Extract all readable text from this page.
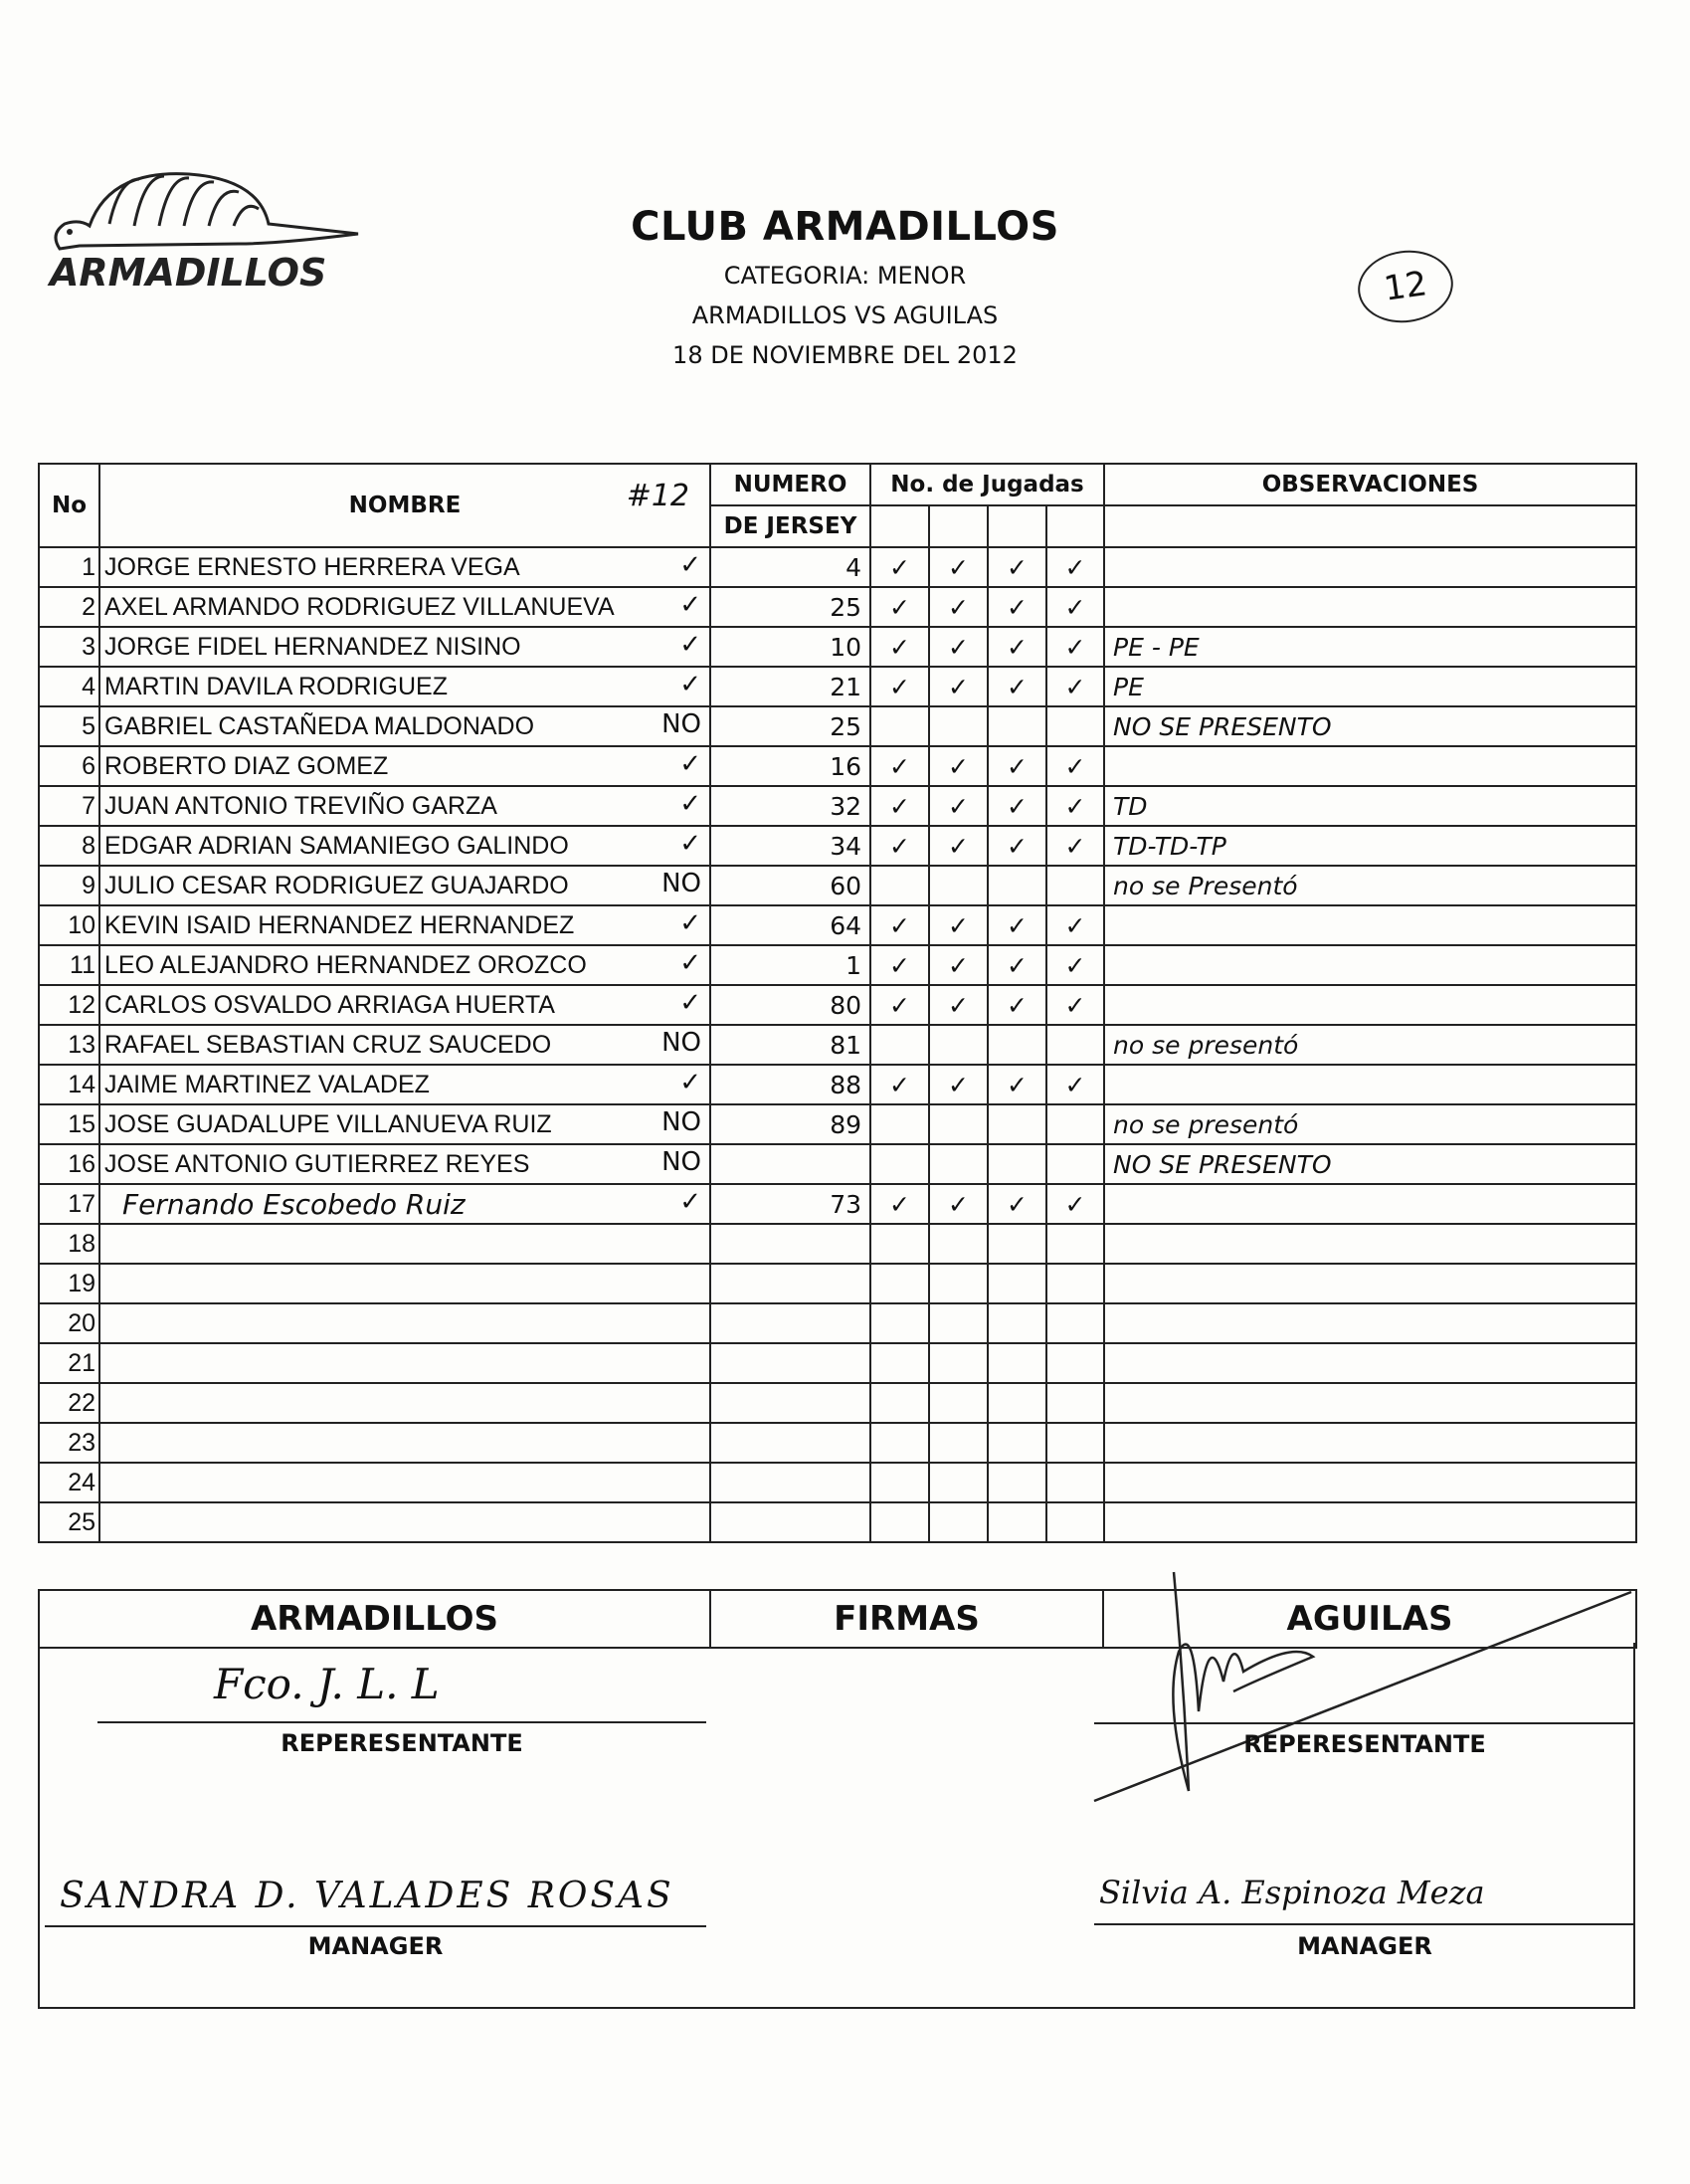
ARMADILLOS
CLUB ARMADILLOS
CATEGORIA: MENOR
ARMADILLOS VS AGUILAS
18 DE NOVIEMBRE DEL 2012
12
No	NOMBRE #12	NUMERO	No. de Jugadas				OBSERVACIONES
		DE JERSEY					
1	JORGE ERNESTO HERRERA VEGA ✓	4	✓	✓	✓	✓	
2	AXEL ARMANDO RODRIGUEZ VILLANUEVA ✓	25	✓	✓	✓	✓	
3	JORGE FIDEL HERNANDEZ NISINO ✓	10	✓	✓	✓	✓	PE - PE
4	MARTIN DAVILA RODRIGUEZ ✓	21	✓	✓	✓	✓	PE
5	GABRIEL CASTAÑEDA MALDONADO NO	25					NO SE PRESENTO
6	ROBERTO DIAZ GOMEZ ✓	16	✓	✓	✓	✓	
7	JUAN ANTONIO TREVIÑO GARZA ✓	32	✓	✓	✓	✓	TD
8	EDGAR ADRIAN SAMANIEGO GALINDO ✓	34	✓	✓	✓	✓	TD-TD-TP
9	JULIO CESAR RODRIGUEZ GUAJARDO NO	60					no se Presentó
10	KEVIN ISAID HERNANDEZ HERNANDEZ ✓	64	✓	✓	✓	✓	
11	LEO ALEJANDRO HERNANDEZ OROZCO ✓	1	✓	✓	✓	✓	
12	CARLOS OSVALDO ARRIAGA HUERTA ✓	80	✓	✓	✓	✓	
13	RAFAEL SEBASTIAN CRUZ SAUCEDO NO	81					no se presentó
14	JAIME MARTINEZ VALADEZ ✓	88	✓	✓	✓	✓	
15	JOSE GUADALUPE VILLANUEVA RUIZ NO	89					no se presentó
16	JOSE ANTONIO GUTIERREZ REYES NO						NO SE PRESENTO
17	Fernando Escobedo Ruiz ✓	73	✓	✓	✓	✓	
18	

19	

20	

21	

22	

23	

24	

25	

ARMADILLOS	FIRMAS	AGUILAS
Fco. J. L. L
REPERESENTANTE	REPERESENTANTE
SANDRA D. VALADES ROSAS
MANAGER
Silvia A. Espinoza Meza
MANAGER
